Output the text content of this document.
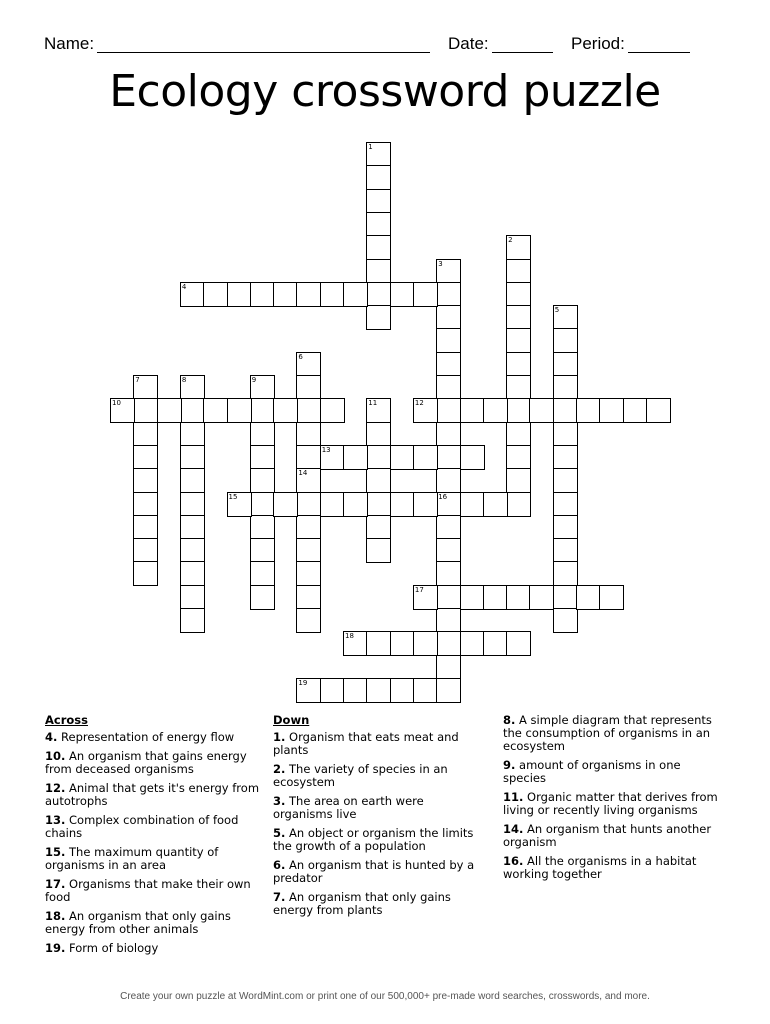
Name:	Date:	Period:
Ecology crossword puzzle
1
2
3
16
5
6
14
7	8	9
11
4
10	12
13
15
17
18
19
Across
4. Representation of energy flow
10. An organism that gains energy from deceased organisms
12. Animal that gets it's energy from autotrophs
13. Complex combination of food chains
15. The maximum quantity of organisms in an area
17. Organisms that make their own food
18. An organism that only gains energy from other animals
19. Form of biology
Down
1. Organism that eats meat and plants
2. The variety of species in an ecosystem
3. The area on earth were organisms live
5. An object or organism the limits the growth of a population
6. An organism that is hunted by a predator
7. An organism that only gains energy from plants
8. A simple diagram that represents the consumption of organisms in an ecosystem
9. amount of organisms in one species
11. Organic matter that derives from living or recently living organisms
14. An organism that hunts another organism
16. All the organisms in a habitat working together
Create your own puzzle at WordMint.com or print one of our 500,000+ pre-made word searches, crosswords, and more.
